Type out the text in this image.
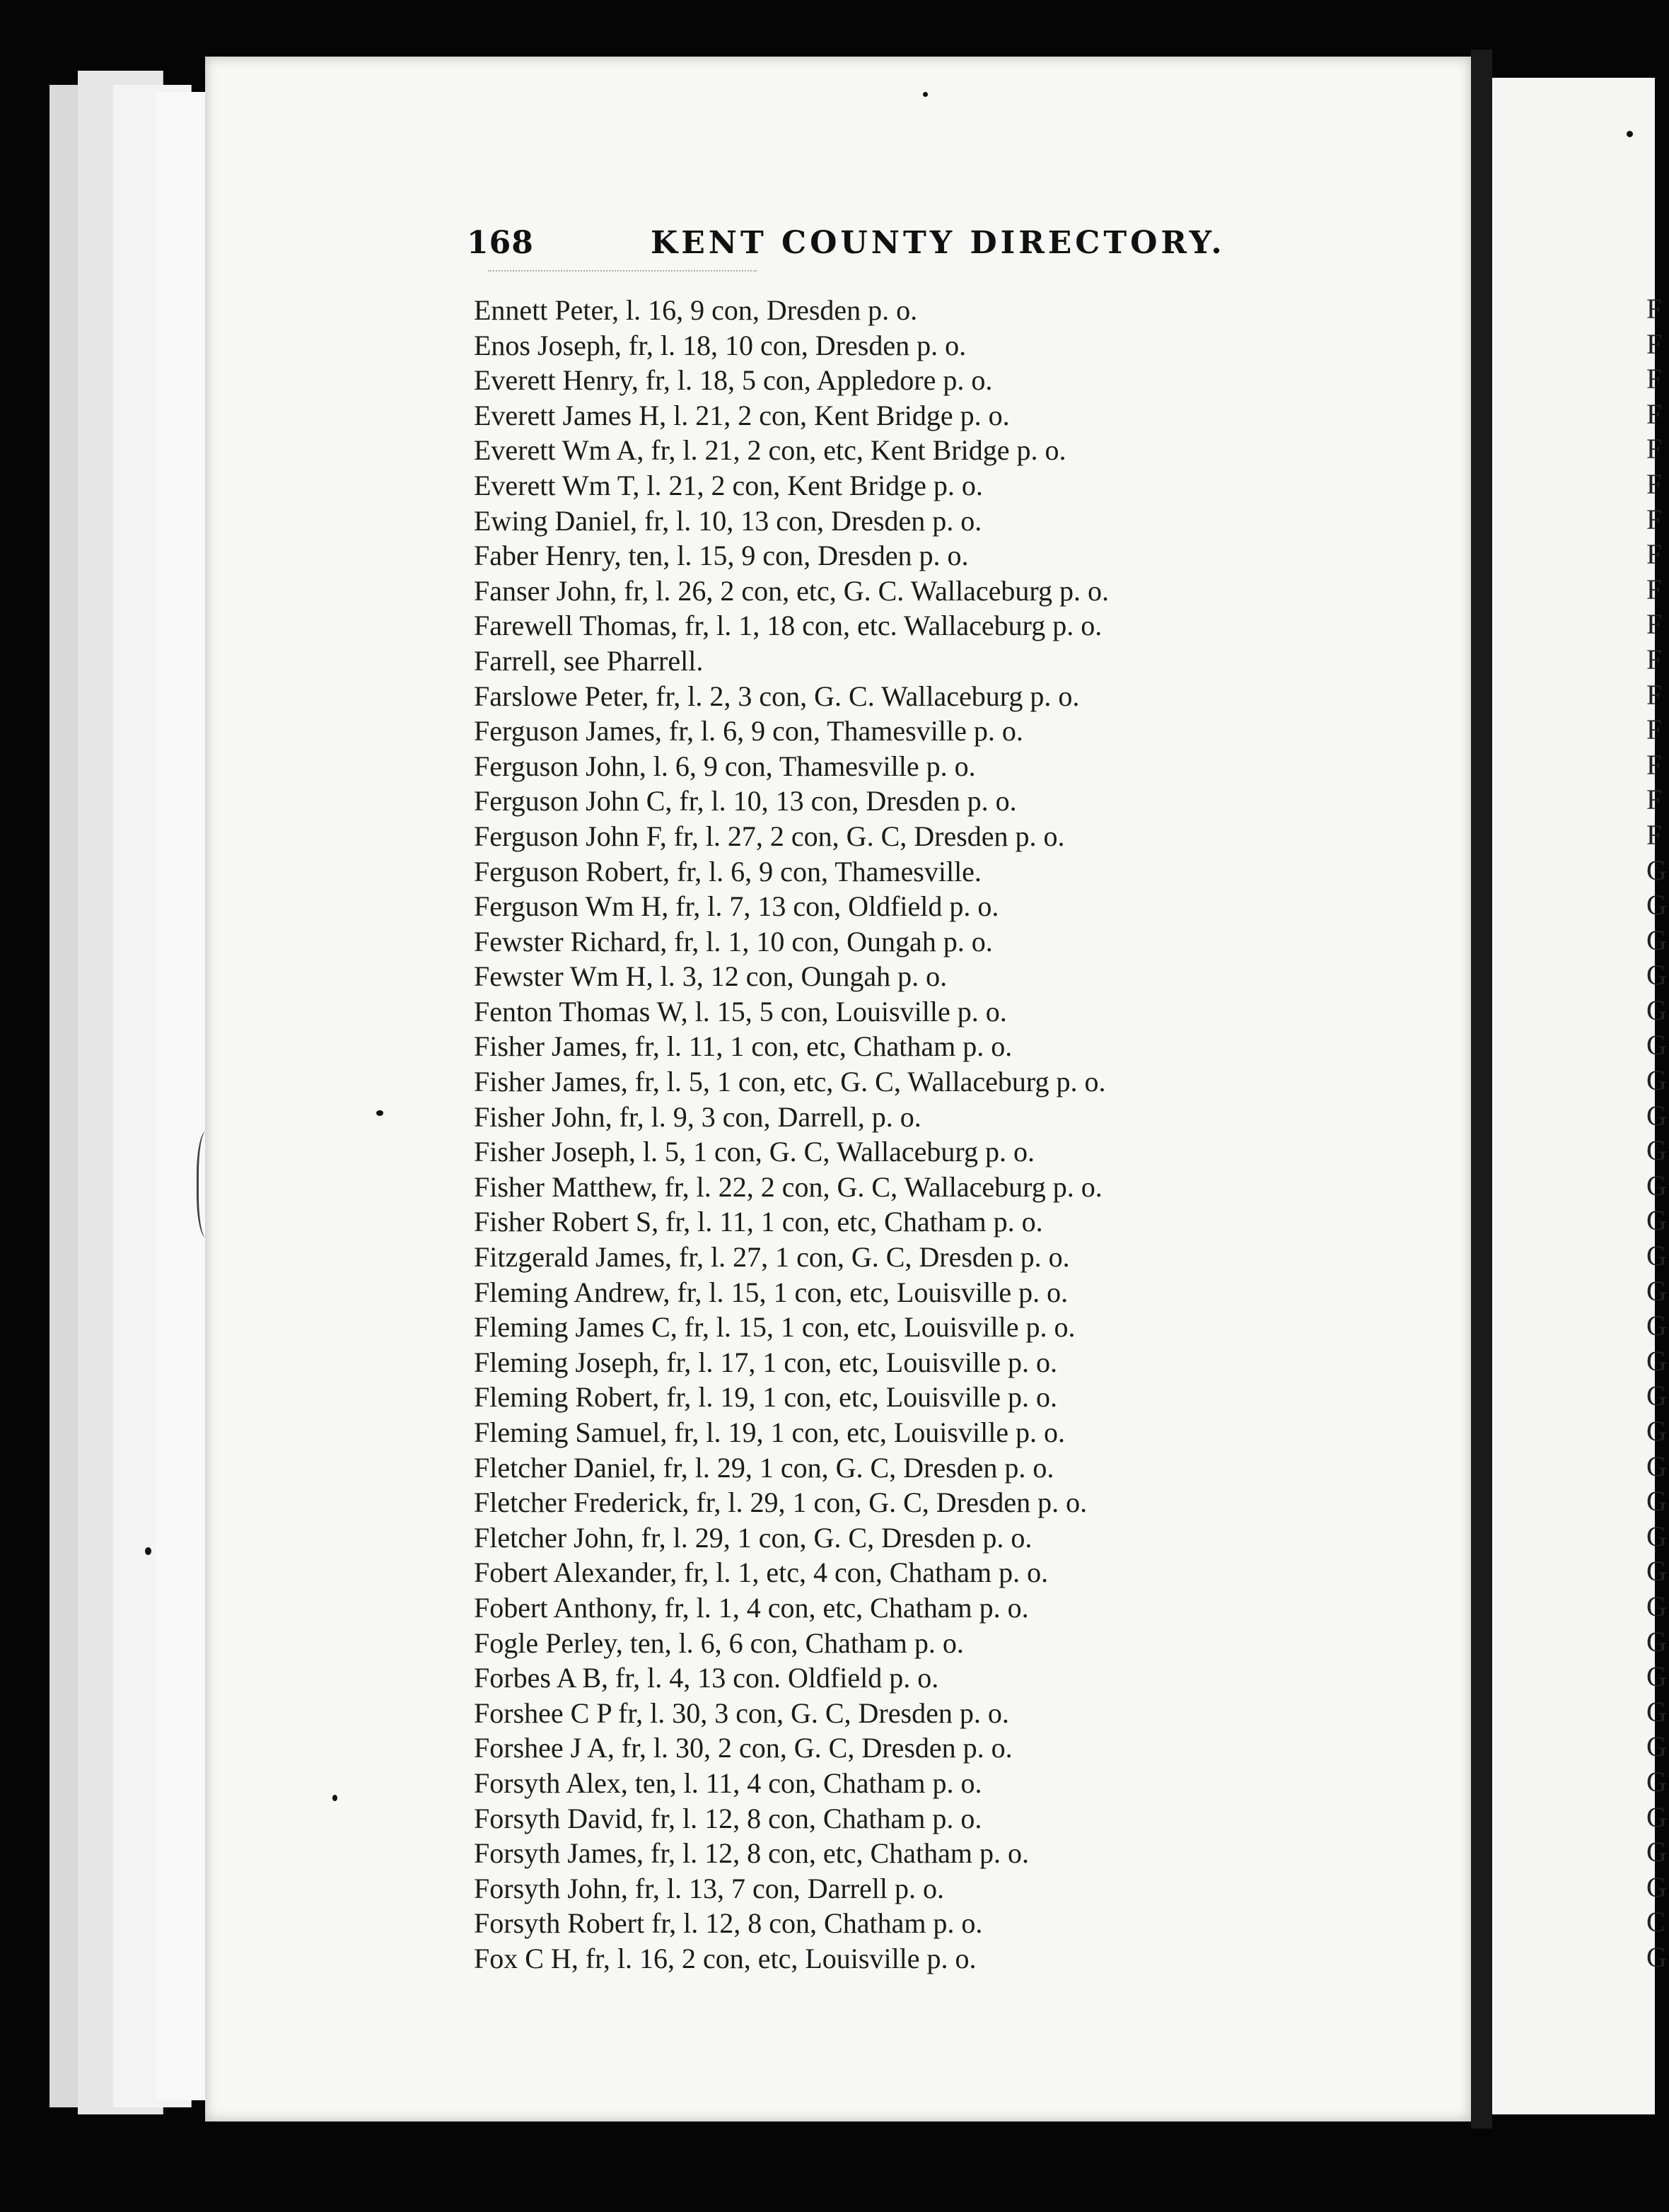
F
F
F
F
F
F
F
F
F
F
F
F
F
F
F
F
G
G
G
G
G
G
G
G
G
G
G
G
G
G
G
G
G
G
G
G
G
G
G
G
G
G
G
G
G
G
C
G
168	KENT COUNTY DIRECTORY.
Ennett Peter, l. 16, 9 con, Dresden p. o.
Enos Joseph, fr, l. 18, 10 con, Dresden p. o.
Everett Henry, fr, l. 18, 5 con, Appledore p. o.
Everett James H, l. 21, 2 con, Kent Bridge p. o.
Everett Wm A, fr, l. 21, 2 con, etc, Kent Bridge p. o.
Everett Wm T, l. 21, 2 con, Kent Bridge p. o.
Ewing Daniel, fr, l. 10, 13 con, Dresden p. o.
Faber Henry, ten, l. 15, 9 con, Dresden p. o.
Fanser John, fr, l. 26, 2 con, etc, G. C. Wallaceburg p. o.
Farewell Thomas, fr, l. 1, 18 con, etc. Wallaceburg p. o.
Farrell, see Pharrell.
Farslowe Peter, fr, l. 2, 3 con, G. C. Wallaceburg p. o.
Ferguson James, fr, l. 6, 9 con, Thamesville p. o.
Ferguson John, l. 6, 9 con, Thamesville p. o.
Ferguson John C, fr, l. 10, 13 con, Dresden p. o.
Ferguson John F, fr, l. 27, 2 con, G. C, Dresden p. o.
Ferguson Robert, fr, l. 6, 9 con, Thamesville.
Ferguson Wm H, fr, l. 7, 13 con, Oldfield p. o.
Fewster Richard, fr, l. 1, 10 con, Oungah p. o.
Fewster Wm H, l. 3, 12 con, Oungah p. o.
Fenton Thomas W, l. 15, 5 con, Louisville p. o.
Fisher James, fr, l. 11, 1 con, etc, Chatham p. o.
Fisher James, fr, l. 5, 1 con, etc, G. C, Wallaceburg p. o.
Fisher John, fr, l. 9, 3 con, Darrell, p. o.
Fisher Joseph, l. 5, 1 con, G. C, Wallaceburg p. o.
Fisher Matthew, fr, l. 22, 2 con, G. C, Wallaceburg p. o.
Fisher Robert S, fr, l. 11, 1 con, etc, Chatham p. o.
Fitzgerald James, fr, l. 27, 1 con, G. C, Dresden p. o.
Fleming Andrew, fr, l. 15, 1 con, etc, Louisville p. o.
Fleming James C, fr, l. 15, 1 con, etc, Louisville p. o.
Fleming Joseph, fr, l. 17, 1 con, etc, Louisville p. o.
Fleming Robert, fr, l. 19, 1 con, etc, Louisville p. o.
Fleming Samuel, fr, l. 19, 1 con, etc, Louisville p. o.
Fletcher Daniel, fr, l. 29, 1 con, G. C, Dresden p. o.
Fletcher Frederick, fr, l. 29, 1 con, G. C, Dresden p. o.
Fletcher John, fr, l. 29, 1 con, G. C, Dresden p. o.
Fobert Alexander, fr, l. 1, etc, 4 con, Chatham p. o.
Fobert Anthony, fr, l. 1, 4 con, etc, Chatham p. o.
Fogle Perley, ten, l. 6, 6 con, Chatham p. o.
Forbes A B, fr, l. 4, 13 con. Oldfield p. o.
Forshee C P fr, l. 30, 3 con, G. C, Dresden p. o.
Forshee J A, fr, l. 30, 2 con, G. C, Dresden p. o.
Forsyth Alex, ten, l. 11, 4 con, Chatham p. o.
Forsyth David, fr, l. 12, 8 con, Chatham p. o.
Forsyth James, fr, l. 12, 8 con, etc, Chatham p. o.
Forsyth John, fr, l. 13, 7 con, Darrell p. o.
Forsyth Robert fr, l. 12, 8 con, Chatham p. o.
Fox C H, fr, l. 16, 2 con, etc, Louisville p. o.
